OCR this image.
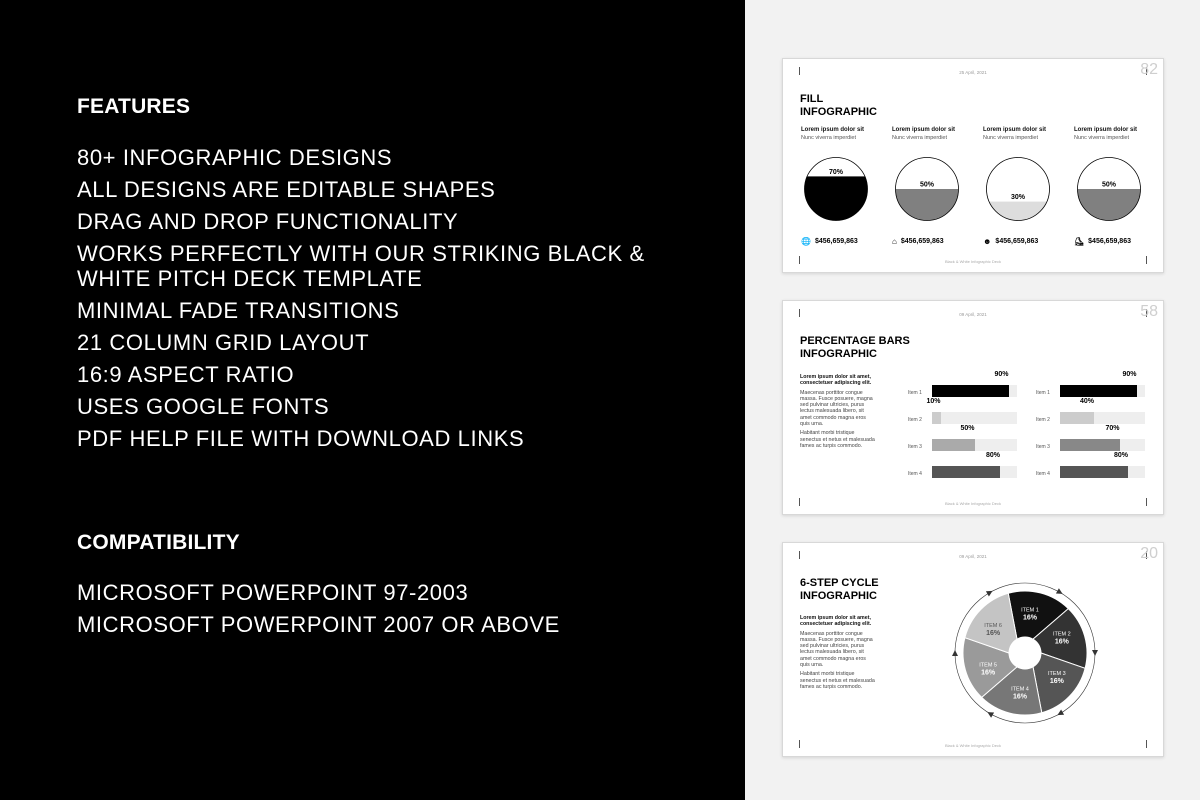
FEATURES
80+ INFOGRAPHIC DESIGNS
ALL DESIGNS ARE EDITABLE SHAPES
DRAG AND DROP FUNCTIONALITY
WORKS PERFECTLY WITH OUR STRIKING BLACK & WHITE PITCH DECK TEMPLATE
MINIMAL FADE TRANSITIONS
21 COLUMN GRID LAYOUT
16:9 ASPECT RATIO
USES GOOGLE FONTS
PDF HELP FILE WITH DOWNLOAD LINKS
COMPATIBILITY
MICROSOFT POWERPOINT 97-2003
MICROSOFT POWERPOINT 2007 OR ABOVE
25 April, 2021	82
FILL
INFOGRAPHIC
Lorem ipsum dolor sit
Nunc viverra imperdiet
70%
🌐 $456,659,863
Lorem ipsum dolor sit
Nunc viverra imperdiet
50%
⌂ $456,659,863
Lorem ipsum dolor sit
Nunc viverra imperdiet
30%
☻ $456,659,863
Lorem ipsum dolor sit
Nunc viverra imperdiet
50%
⛸ $456,659,863
Black & White Infographic Deck
09 April, 2021	58
PERCENTAGE BARS
INFOGRAPHIC

Lorem ipsum dolor sit amet, consectetuer adipiscing elit.

Maecenas porttitor congue massa. Fusce posuere, magna sed pulvinar ultricies, purus lectus malesuada libero, sit amet commodo magna eros quis urna.

Habitant morbi tristique senectus et netus et malesuada fames ac turpis commodo.

90%
Item 1
10%
Item 2
50%
Item 3
80%
Item 4
90%
Item 1
40%
Item 2
70%
Item 3
80%
Item 4
Black & White Infographic Deck
09 April, 2021	20
6-STEP CYCLE
INFOGRAPHIC

Lorem ipsum dolor sit amet, consectetuer adipiscing elit.

Maecenas porttitor congue massa. Fusce posuere, magna sed pulvinar ultricies, purus lectus malesuada libero, sit amet commodo magna eros quis urna.

Habitant morbi tristique senectus et netus et malesuada fames ac turpis commodo.

ITEM 1
16%
ITEM 2
16%
ITEM 3
16%
ITEM 4
16%
ITEM 5
16%
ITEM 6
16%
Black & White Infographic Deck
